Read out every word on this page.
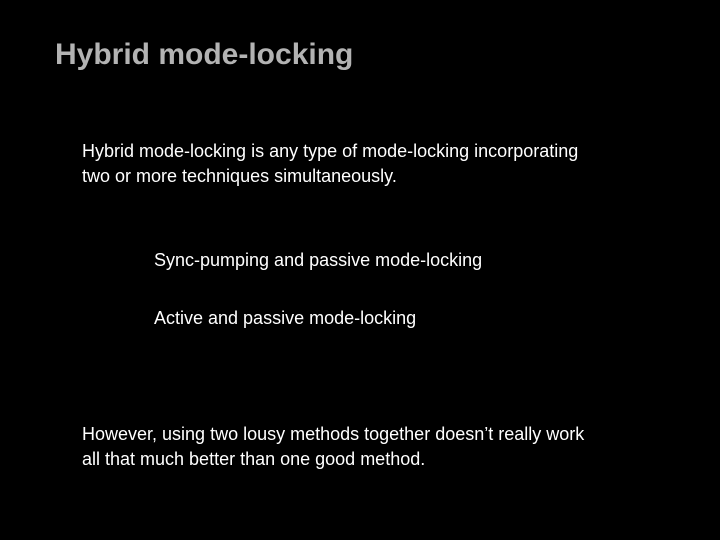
Hybrid mode-locking
Hybrid mode-locking is any type of mode-locking incorporating
two or more techniques simultaneously.
Sync-pumping and passive mode-locking
Active and passive mode-locking
However, using two lousy methods together doesn’t really work
all that much better than one good method.
